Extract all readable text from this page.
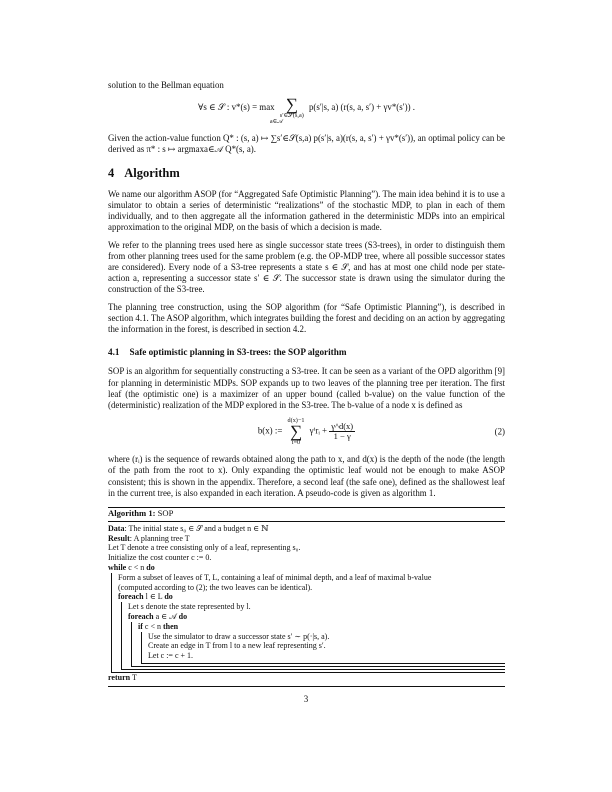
solution to the Bellman equation

∀s ∈ 𝒮 : v*(s) = max ∑
s′∈𝒮(s,a)
p(s′|s, a) (r(s, a, s′) + γv*(s′)) .
a∈𝒜

Given the action-value function Q* : (s, a) ↦ ∑s′∈𝒮(s,a) p(s′|s, a)(r(s, a, s′) + γv*(s′)), an optimal policy can be derived as π* : s ↦ argmaxa∈𝒜 Q*(s, a).

4 Algorithm

We name our algorithm ASOP (for “Aggregated Safe Optimistic Planning”). The main idea behind it is to use a simulator to obtain a series of deterministic “realizations” of the stochastic MDP, to plan in each of them individually, and to then aggregate all the information gathered in the deterministic MDPs into an empirical approximation to the original MDP, on the basis of which a decision is made.

We refer to the planning trees used here as single successor state trees (S3-trees), in order to distinguish them from other planning trees used for the same problem (e.g. the OP-MDP tree, where all possible successor states are considered). Every node of a S3-tree represents a state s ∈ 𝒮, and has at most one child node per state-action a, representing a successor state s′ ∈ 𝒮. The successor state is drawn using the simulator during the construction of the S3-tree.

The planning tree construction, using the SOP algorithm (for “Safe Optimistic Planning”), is described in section 4.1. The ASOP algorithm, which integrates building the forest and deciding on an action by aggregating the information in the forest, is described in section 4.2.

4.1 Safe optimistic planning in S3-trees: the SOP algorithm

SOP is an algorithm for sequentially constructing a S3-tree. It can be seen as a variant of the OPD algorithm [9] for planning in deterministic MDPs. SOP expands up to two leaves of the planning tree per iteration. The first leaf (the optimistic one) is a maximizer of an upper bound (called b-value) on the value function of the (deterministic) realization of the MDP explored in the S3-tree. The b-value of a node x is defined as

b(x) :=
d(x)−1
∑
i=0
γⁱrᵢ + $\frac{\gamma\^{}d(x)}{1 - \gamma}$	(2)

where (rᵢ) is the sequence of rewards obtained along the path to x, and d(x) is the depth of the node (the length of the path from the root to x). Only expanding the optimistic leaf would not be enough to make ASOP consistent; this is shown in the appendix. Therefore, a second leaf (the safe one), defined as the shallowest leaf in the current tree, is also expanded in each iteration. A pseudo-code is given as algorithm 1.

Algorithm 1: SOP
Data: The initial state s₀ ∈ 𝒮 and a budget n ∈ ℕ
Result: A planning tree T
Let T denote a tree consisting only of a leaf, representing s₀.
Initialize the cost counter c := 0.
while c < n do
Form a subset of leaves of T, L, containing a leaf of minimal depth, and a leaf of maximal b-value
(computed according to (2); the two leaves can be identical).
foreach l ∈ L do
Let s denote the state represented by l.
foreach a ∈ 𝒜 do
if c < n then
Use the simulator to draw a successor state s′ ∼ p(·|s, a).
Create an edge in T from l to a new leaf representing s′.
Let c := c + 1.
return T
3
